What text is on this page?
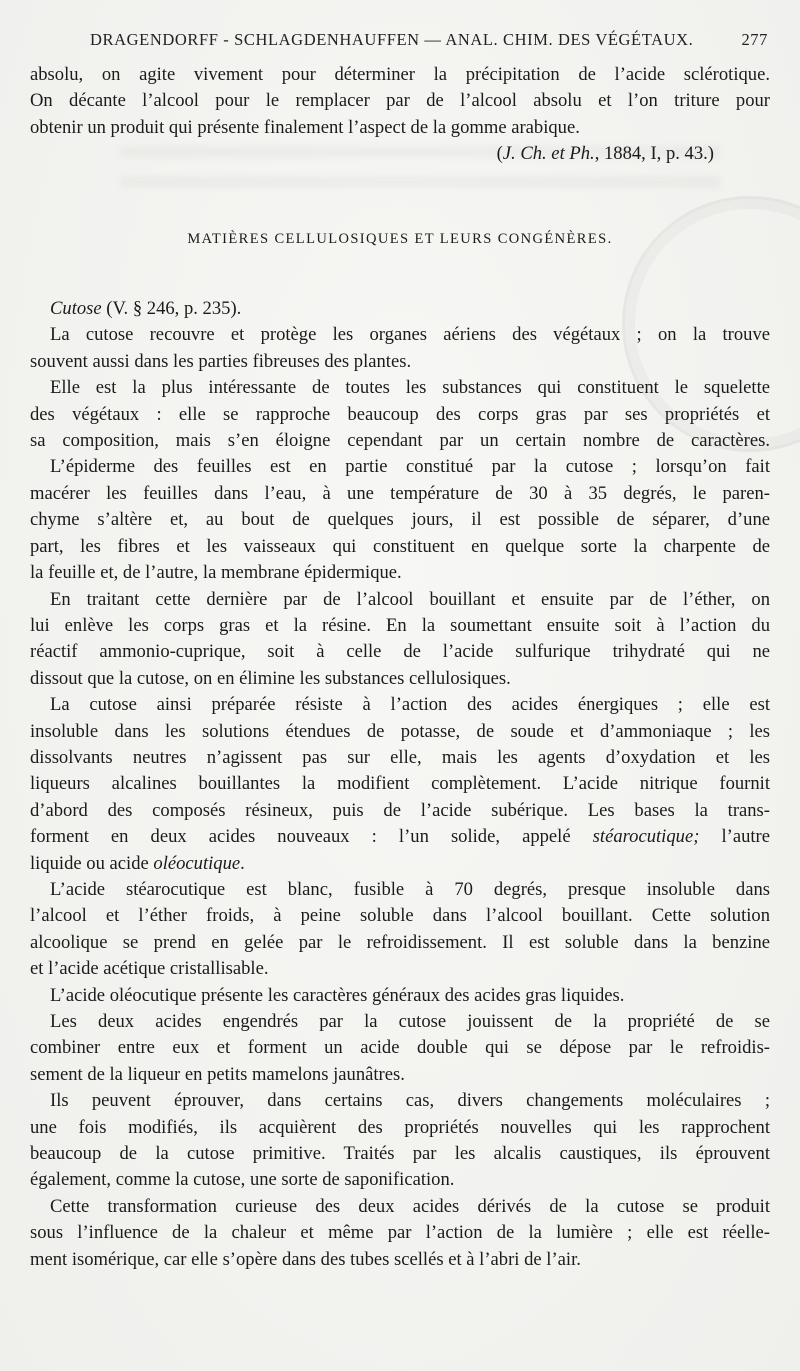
DRAGENDORFF - SCHLAGDENHAUFFEN — ANAL. CHIM. DES VÉGÉTAUX.	277
absolu, on agite vivement pour déterminer la précipitation de l’acide sclérotique.
On décante l’alcool pour le remplacer par de l’alcool absolu et l’on triture pour
obtenir un produit qui présente finalement l’aspect de la gomme arabique.
(J. Ch. et Ph., 1884, I, p. 43.)
MATIÈRES CELLULOSIQUES ET LEURS CONGÉNÈRES.
Cutose (V. § 246, p. 235).
La cutose recouvre et protège les organes aériens des végétaux ; on la trouve
souvent aussi dans les parties fibreuses des plantes.
Elle est la plus intéressante de toutes les substances qui constituent le squelette
des végétaux : elle se rapproche beaucoup des corps gras par ses propriétés et
sa composition, mais s’en éloigne cependant par un certain nombre de caractères.
L’épiderme des feuilles est en partie constitué par la cutose ; lorsqu’on fait
macérer les feuilles dans l’eau, à une température de 30 à 35 degrés, le paren-
chyme s’altère et, au bout de quelques jours, il est possible de séparer, d’une
part, les fibres et les vaisseaux qui constituent en quelque sorte la charpente de
la feuille et, de l’autre, la membrane épidermique.
En traitant cette dernière par de l’alcool bouillant et ensuite par de l’éther, on
lui enlève les corps gras et la résine. En la soumettant ensuite soit à l’action du
réactif ammonio-cuprique, soit à celle de l’acide sulfurique trihydraté qui ne
dissout que la cutose, on en élimine les substances cellulosiques.
La cutose ainsi préparée résiste à l’action des acides énergiques ; elle est
insoluble dans les solutions étendues de potasse, de soude et d’ammoniaque ; les
dissolvants neutres n’agissent pas sur elle, mais les agents d’oxydation et les
liqueurs alcalines bouillantes la modifient complètement. L’acide nitrique fournit
d’abord des composés résineux, puis de l’acide subérique. Les bases la trans-
forment en deux acides nouveaux : l’un solide, appelé stéarocutique; l’autre
liquide ou acide oléocutique.
L’acide stéarocutique est blanc, fusible à 70 degrés, presque insoluble dans
l’alcool et l’éther froids, à peine soluble dans l’alcool bouillant. Cette solution
alcoolique se prend en gelée par le refroidissement. Il est soluble dans la benzine
et l’acide acétique cristallisable.
L’acide oléocutique présente les caractères généraux des acides gras liquides.
Les deux acides engendrés par la cutose jouissent de la propriété de se
combiner entre eux et forment un acide double qui se dépose par le refroidis-
sement de la liqueur en petits mamelons jaunâtres.
Ils peuvent éprouver, dans certains cas, divers changements moléculaires ;
une fois modifiés, ils acquièrent des propriétés nouvelles qui les rapprochent
beaucoup de la cutose primitive. Traités par les alcalis caustiques, ils éprouvent
également, comme la cutose, une sorte de saponification.
Cette transformation curieuse des deux acides dérivés de la cutose se produit
sous l’influence de la chaleur et même par l’action de la lumière ; elle est réelle-
ment isomérique, car elle s’opère dans des tubes scellés et à l’abri de l’air.
